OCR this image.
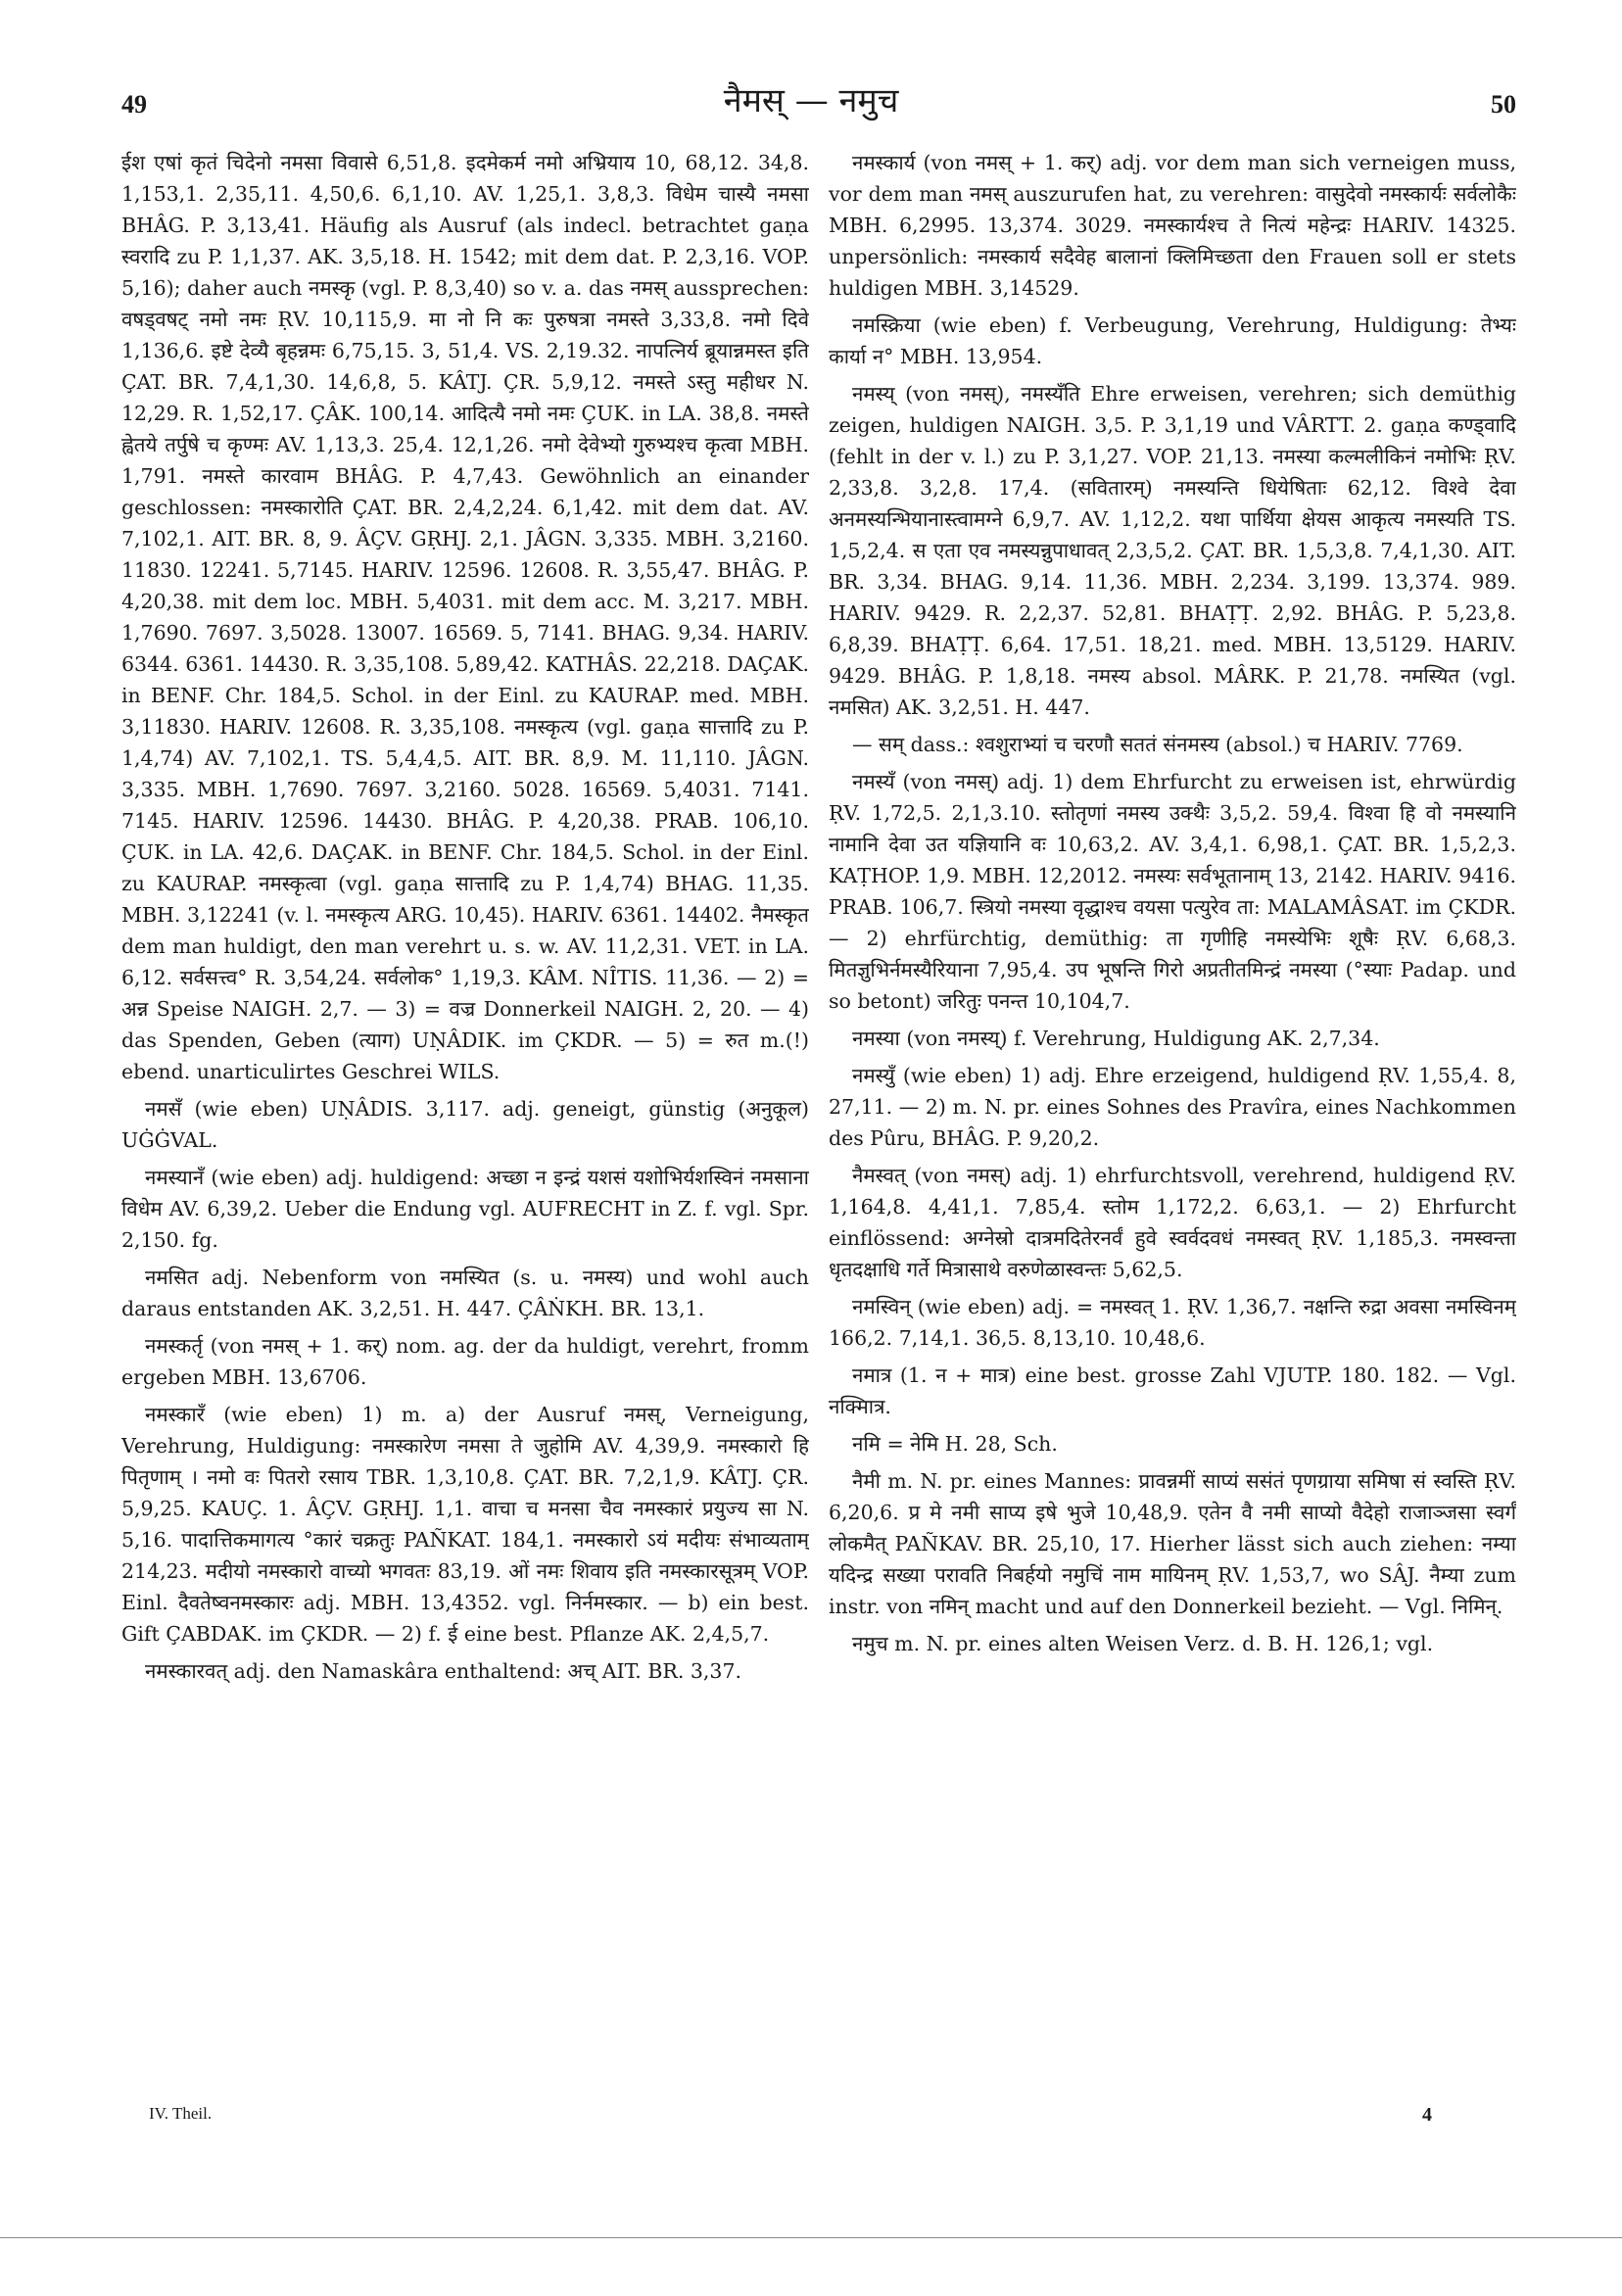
49	नैमस् — नमुच	50

ईश एषां कृतं चिदेनो नमसा विवासे 6,51,8. इदमेकर्म नमो अभ्रियाय 10, 68,12. 34,8. 1,153,1. 2,35,11. 4,50,6. 6,1,10. AV. 1,25,1. 3,8,3. विधेम चास्यै नमसा BHÂG. P. 3,13,41. Häufig als Ausruf (als indecl. betrachtet gaṇa स्वरादि zu P. 1,1,37. AK. 3,5,18. H. 1542; mit dem dat. P. 2,3,16. VOP. 5,16); daher auch नमस्कृ (vgl. P. 8,3,40) so v. a. das नमस् aussprechen: वषड्वषट् नमो नमः ṚV. 10,115,9. मा नो नि कः पुरुषत्रा नमस्ते 3,33,8. नमो दिवे 1,136,6. इष्टे देव्यै बृहन्नमः 6,75,15. 3, 51,4. VS. 2,19.32. नापत्निर्य ब्रूयान्नमस्त इति ÇAT. BR. 7,4,1,30. 14,6,8, 5. KÂTJ. ÇR. 5,9,12. नमस्ते ऽस्तु महीधर N. 12,29. R. 1,52,17. ÇÂK. 100,14. आदित्यै नमो नमः ÇUK. in LA. 38,8. नमस्ते ह्वेतये तर्पुषे च कृण्मः AV. 1,13,3. 25,4. 12,1,26. नमो देवेभ्यो गुरुभ्यश्च कृत्वा MBH. 1,791. नमस्ते कारवाम BHÂG. P. 4,7,43. Gewöhnlich an einander geschlossen: नमस्कारोति ÇAT. BR. 2,4,2,24. 6,1,42. mit dem dat. AV. 7,102,1. AIT. BR. 8, 9. ÂÇV. GṚHJ. 2,1. JÂGN. 3,335. MBH. 3,2160. 11830. 12241. 5,7145. HARIV. 12596. 12608. R. 3,55,47. BHÂG. P. 4,20,38. mit dem loc. MBH. 5,4031. mit dem acc. M. 3,217. MBH. 1,7690. 7697. 3,5028. 13007. 16569. 5, 7141. BHAG. 9,34. HARIV. 6344. 6361. 14430. R. 3,35,108. 5,89,42. KATHÂS. 22,218. DAÇAK. in BENF. Chr. 184,5. Schol. in der Einl. zu KAURAP. med. MBH. 3,11830. HARIV. 12608. R. 3,35,108. नमस्कृत्य (vgl. gaṇa सात्तादि zu P. 1,4,74) AV. 7,102,1. TS. 5,4,4,5. AIT. BR. 8,9. M. 11,110. JÂGN. 3,335. MBH. 1,7690. 7697. 3,2160. 5028. 16569. 5,4031. 7141. 7145. HARIV. 12596. 14430. BHÂG. P. 4,20,38. PRAB. 106,10. ÇUK. in LA. 42,6. DAÇAK. in BENF. Chr. 184,5. Schol. in der Einl. zu KAURAP. नमस्कृत्वा (vgl. gaṇa सात्तादि zu P. 1,4,74) BHAG. 11,35. MBH. 3,12241 (v. l. नमस्कृत्य ARG. 10,45). HARIV. 6361. 14402. नैमस्कृत dem man huldigt, den man verehrt u. s. w. AV. 11,2,31. VET. in LA. 6,12. सर्वसत्त्व° R. 3,54,24. सर्वलोक° 1,19,3. KÂM. NÎTIS. 11,36. — 2) = अन्न Speise NAIGH. 2,7. — 3) = वज्र Donnerkeil NAIGH. 2, 20. — 4) das Spenden, Geben (त्याग) UṆÂDIK. im ÇKDR. — 5) = रुत m.(!) ebend. unarticulirtes Geschrei WILS.

नमसँ (wie eben) UṆÂDIS. 3,117. adj. geneigt, günstig (अनुकूल) UĠĠVAL.

नमस्यानँ (wie eben) adj. huldigend: अच्छा न इन्द्रं यशसं यशोभिर्यशस्विनं नमसाना विधेम AV. 6,39,2. Ueber die Endung vgl. AUFRECHT in Z. f. vgl. Spr. 2,150. fg.

नमसित adj. Nebenform von नमस्यित (s. u. नमस्य) und wohl auch daraus entstanden AK. 3,2,51. H. 447. ÇÂṄKH. BR. 13,1.

नमस्कर्तृ (von नमस् + 1. कर्) nom. ag. der da huldigt, verehrt, fromm ergeben MBH. 13,6706.

नमस्कारँ (wie eben) 1) m. a) der Ausruf नमस्, Verneigung, Verehrung, Huldigung: नमस्कारेण नमसा ते जुहोमि AV. 4,39,9. नमस्कारो हि पितृणाम् । नमो वः पितरो रसाय TBR. 1,3,10,8. ÇAT. BR. 7,2,1,9. KÂTJ. ÇR. 5,9,25. KAUÇ. 1. ÂÇV. GṚHJ. 1,1. वाचा च मनसा चैव नमस्कारं प्रयुज्य सा N. 5,16. पादात्तिकमागत्य °कारं चक्रतुः PAÑKAT. 184,1. नमस्कारो ऽयं मदीयः संभाव्यताम् 214,23. मदीयो नमस्कारो वाच्यो भगवतः 83,19. ओं नमः शिवाय इति नमस्कारसूत्रम् VOP. Einl. दैवतेष्वनमस्कारः adj. MBH. 13,4352. vgl. निर्नमस्कार. — b) ein best. Gift ÇABDAK. im ÇKDR. — 2) f. ई eine best. Pflanze AK. 2,4,5,7.

नमस्कारवत् adj. den Namaskâra enthaltend: अच् AIT. BR. 3,37.

नमस्कार्य (von नमस् + 1. कर्) adj. vor dem man sich verneigen muss, vor dem man नमस् auszurufen hat, zu verehren: वासुदेवो नमस्कार्यः सर्वलोकैः MBH. 6,2995. 13,374. 3029. नमस्कार्यश्च ते नित्यं महेन्द्रः HARIV. 14325. unpersönlich: नमस्कार्य सदैवेह बालानां क्लिमिच्छता den Frauen soll er stets huldigen MBH. 3,14529.

नमस्क्रिया (wie eben) f. Verbeugung, Verehrung, Huldigung: तेभ्यः कार्या न° MBH. 13,954.

नमस्य् (von नमस्), नमस्यँति Ehre erweisen, verehren; sich demüthig zeigen, huldigen NAIGH. 3,5. P. 3,1,19 und VÂRTT. 2. gaṇa कण्ड्वादि (fehlt in der v. l.) zu P. 3,1,27. VOP. 21,13. नमस्या कल्मलीकिनं नमोभिः ṚV. 2,33,8. 3,2,8. 17,4. (सवितारम्) नमस्यन्ति धियेषिताः 62,12. विश्वे देवा अनमस्यन्भियानास्त्वामग्ने 6,9,7. AV. 1,12,2. यथा पार्थिया क्षेयस आकृत्य नमस्यति TS. 1,5,2,4. स एता एव नमस्यन्नुपाधावत् 2,3,5,2. ÇAT. BR. 1,5,3,8. 7,4,1,30. AIT. BR. 3,34. BHAG. 9,14. 11,36. MBH. 2,234. 3,199. 13,374. 989. HARIV. 9429. R. 2,2,37. 52,81. BHAṬṬ. 2,92. BHÂG. P. 5,23,8. 6,8,39. BHAṬṬ. 6,64. 17,51. 18,21. med. MBH. 13,5129. HARIV. 9429. BHÂG. P. 1,8,18. नमस्य absol. MÂRK. P. 21,78. नमस्यित (vgl. नमसित) AK. 3,2,51. H. 447.

— सम् dass.: श्वशुराभ्यां च चरणौ सततं संनमस्य (absol.) च HARIV. 7769.

नमस्यँ (von नमस्) adj. 1) dem Ehrfurcht zu erweisen ist, ehrwürdig ṚV. 1,72,5. 2,1,3.10. स्तोतृणां नमस्य उक्थैः 3,5,2. 59,4. विश्वा हि वो नमस्यानि नामानि देवा उत यज्ञियानि वः 10,63,2. AV. 3,4,1. 6,98,1. ÇAT. BR. 1,5,2,3. KAṬHOP. 1,9. MBH. 12,2012. नमस्यः सर्वभूतानाम् 13, 2142. HARIV. 9416. PRAB. 106,7. स्त्रियो नमस्या वृद्धाश्च वयसा पत्युरेव ता: MALAMÂSAT. im ÇKDR. — 2) ehrfürchtig, demüthig: ता गृणीहि नमस्येभिः शूषैः ṚV. 6,68,3. मितज्ञुभिर्नमस्यैरियाना 7,95,4. उप भूषन्ति गिरो अप्रतीतमिन्द्रं नमस्या (°स्याः Padap. und so betont) जरितुः पनन्त 10,104,7.

नमस्या (von नमस्य्) f. Verehrung, Huldigung AK. 2,7,34.

नमस्युँ (wie eben) 1) adj. Ehre erzeigend, huldigend ṚV. 1,55,4. 8, 27,11. — 2) m. N. pr. eines Sohnes des Pravîra, eines Nachkommen des Pûru, BHÂG. P. 9,20,2.

नैमस्वत् (von नमस्) adj. 1) ehrfurchtsvoll, verehrend, huldigend ṚV. 1,164,8. 4,41,1. 7,85,4. स्तोम 1,172,2. 6,63,1. — 2) Ehrfurcht einflössend: अग्नेस्रो दात्रमदितेरनर्वं हुवे स्वर्वदवधं नमस्वत् ṚV. 1,185,3. नमस्वन्ता धृतदक्षाधि गर्ते मित्रासाथे वरुणेळास्वन्तः 5,62,5.

नमस्विन् (wie eben) adj. = नमस्वत् 1. ṚV. 1,36,7. नक्षन्ति रुद्रा अवसा नमस्विनम् 166,2. 7,14,1. 36,5. 8,13,10. 10,48,6.

नमात्र (1. न + मात्र) eine best. grosse Zahl VJUTP. 180. 182. — Vgl. नक्मिात्र.

नमि = नेमि H. 28, Sch.

नैमी m. N. pr. eines Mannes: प्रावन्नमीं साप्यं ससंतं पृणग्राया समिषा सं स्वस्ति ṚV. 6,20,6. प्र मे नमी साप्य इषे भुजे 10,48,9. एतेन वै नमी साप्यो वैदेहो राजाञ्जसा स्वर्गं लोकमैत् PAÑKAV. BR. 25,10, 17. Hierher lässt sich auch ziehen: नम्या यदिन्द्र सख्या परावति निबर्हयो नमुचिं नाम मायिनम् ṚV. 1,53,7, wo SÂJ. नैम्या zum instr. von नमिन् macht und auf den Donnerkeil bezieht. — Vgl. निमिन्.

नमुच m. N. pr. eines alten Weisen Verz. d. B. H. 126,1; vgl.

IV. Theil.	4
